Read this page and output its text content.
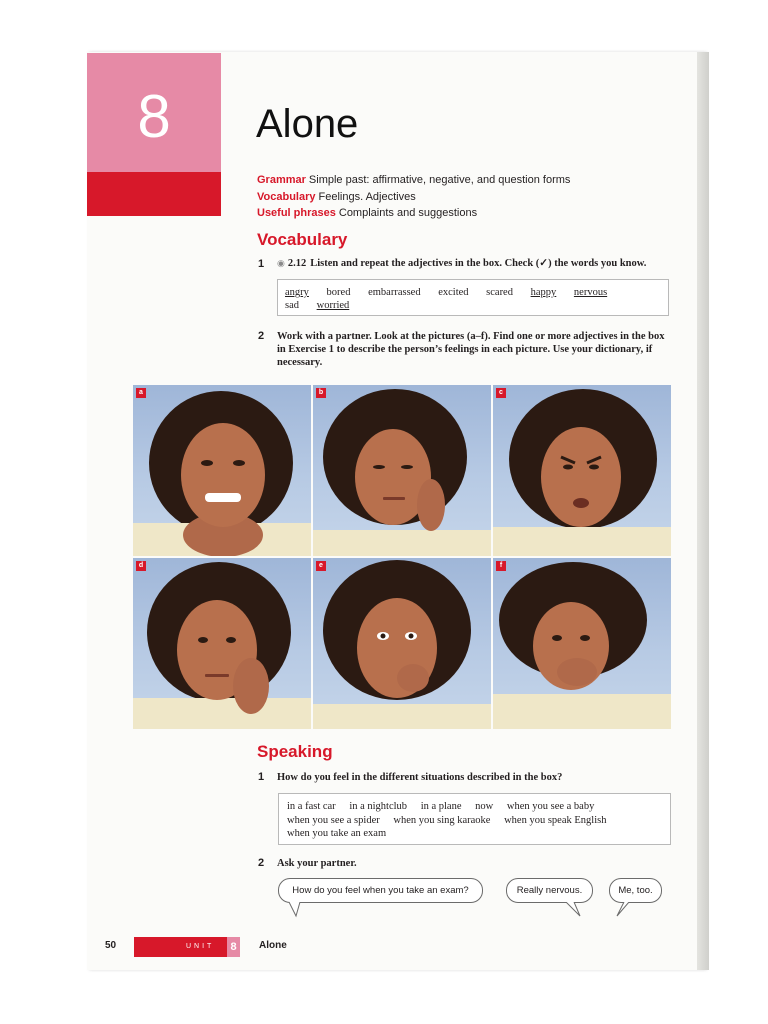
8	Alone
Grammar Simple past: affirmative, negative, and question forms
Vocabulary Feelings. Adjectives
Useful phrases Complaints and suggestions
Vocabulary
1 ◉ 2.12 Listen and repeat the adjectives in the box. Check (✓) the words you know.
angry bored embarrassed excited scared happy nervous
sad worried
2 Work with a partner. Look at the pictures (a–f). Find one or more adjectives in the box in Exercise 1 to describe the person’s feelings in each picture. Use your dictionary, if necessary.
a	b	c
d	e	f
Speaking
1 How do you feel in the different situations described in the box?
in a fast car in a nightclub in a plane now when you see a baby
when you see a spider when you sing karaoke when you speak English
when you take an exam
2 Ask your partner.
How do you feel when you take an exam?	Really nervous.	Me, too.
50	UNIT	8	Alone
